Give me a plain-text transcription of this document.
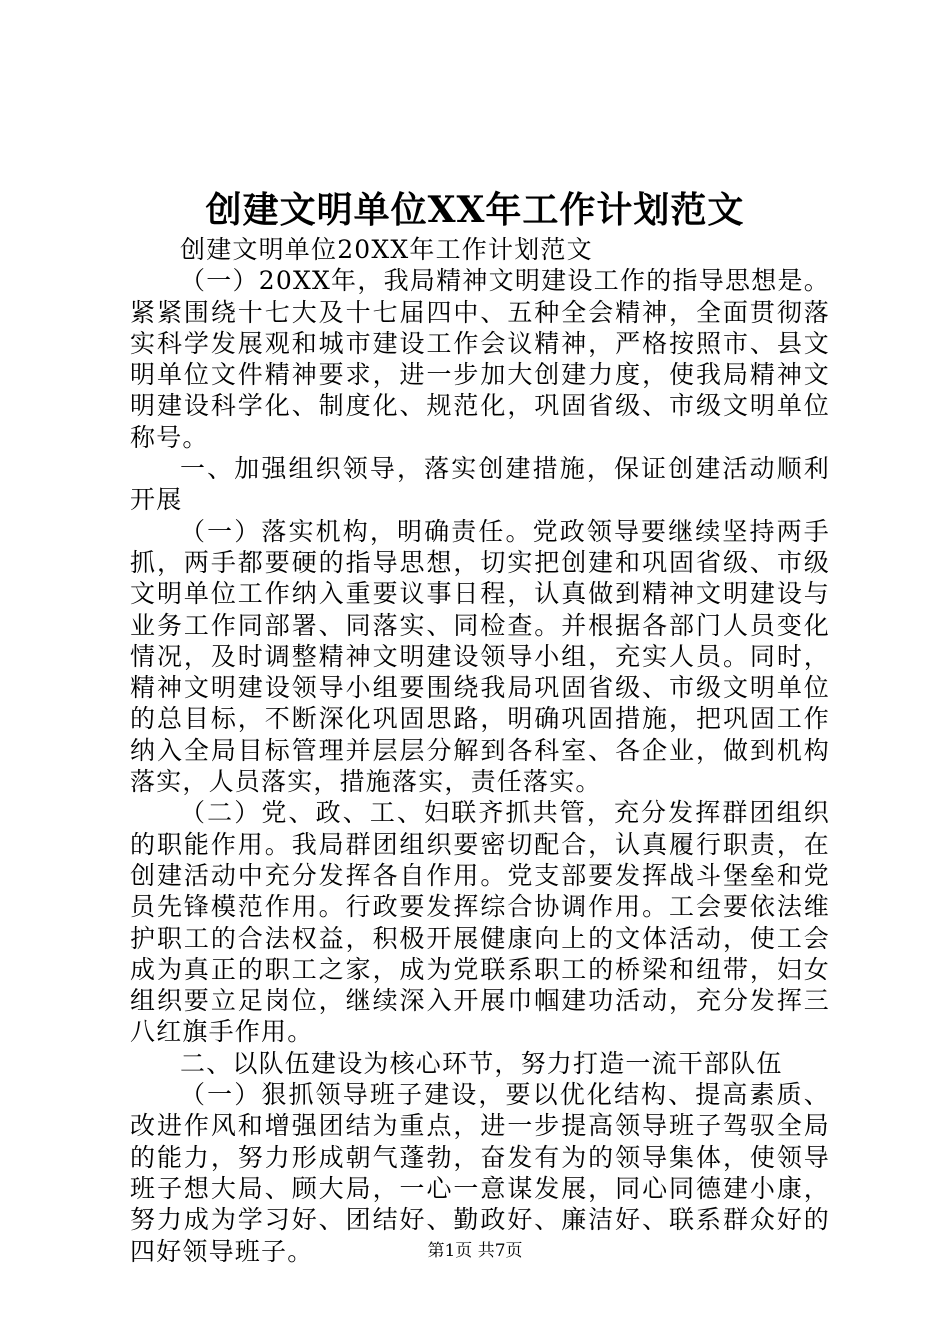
创建文明单位XX年工作计划范文

创建文明单位20XX年工作计划范文

（一）20XX年，我局精神文明建设工作的指导思想是。紧紧围绕十七大及十七届四中、五种全会精神，全面贯彻落实科学发展观和城市建设工作会议精神，严格按照市、县文明单位文件精神要求，进一步加大创建力度，使我局精神文明建设科学化、制度化、规范化，巩固省级、市级文明单位称号。

一、加强组织领导，落实创建措施，保证创建活动顺利开展

（一）落实机构，明确责任。党政领导要继续坚持两手抓，两手都要硬的指导思想，切实把创建和巩固省级、市级文明单位工作纳入重要议事日程，认真做到精神文明建设与业务工作同部署、同落实、同检查。并根据各部门人员变化情况，及时调整精神文明建设领导小组，充实人员。同时，精神文明建设领导小组要围绕我局巩固省级、市级文明单位的总目标，不断深化巩固思路，明确巩固措施，把巩固工作纳入全局目标管理并层层分解到各科室、各企业，做到机构落实，人员落实，措施落实，责任落实。

（二）党、政、工、妇联齐抓共管，充分发挥群团组织的职能作用。我局群团组织要密切配合，认真履行职责，在创建活动中充分发挥各自作用。党支部要发挥战斗堡垒和党员先锋模范作用。行政要发挥综合协调作用。工会要依法维护职工的合法权益，积极开展健康向上的文体活动，使工会成为真正的职工之家，成为党联系职工的桥梁和纽带，妇女组织要立足岗位，继续深入开展巾帼建功活动，充分发挥三八红旗手作用。

二、以队伍建设为核心环节，努力打造一流干部队伍

（一）狠抓领导班子建设，要以优化结构、提高素质、改进作风和增强团结为重点，进一步提高领导班子驾驭全局的能力，努力形成朝气蓬勃，奋发有为的领导集体，使领导班子想大局、顾大局，一心一意谋发展，同心同德建小康，努力成为学习好、团结好、勤政好、廉洁好、联系群众好的四好领导班子。	第1页 共7页
